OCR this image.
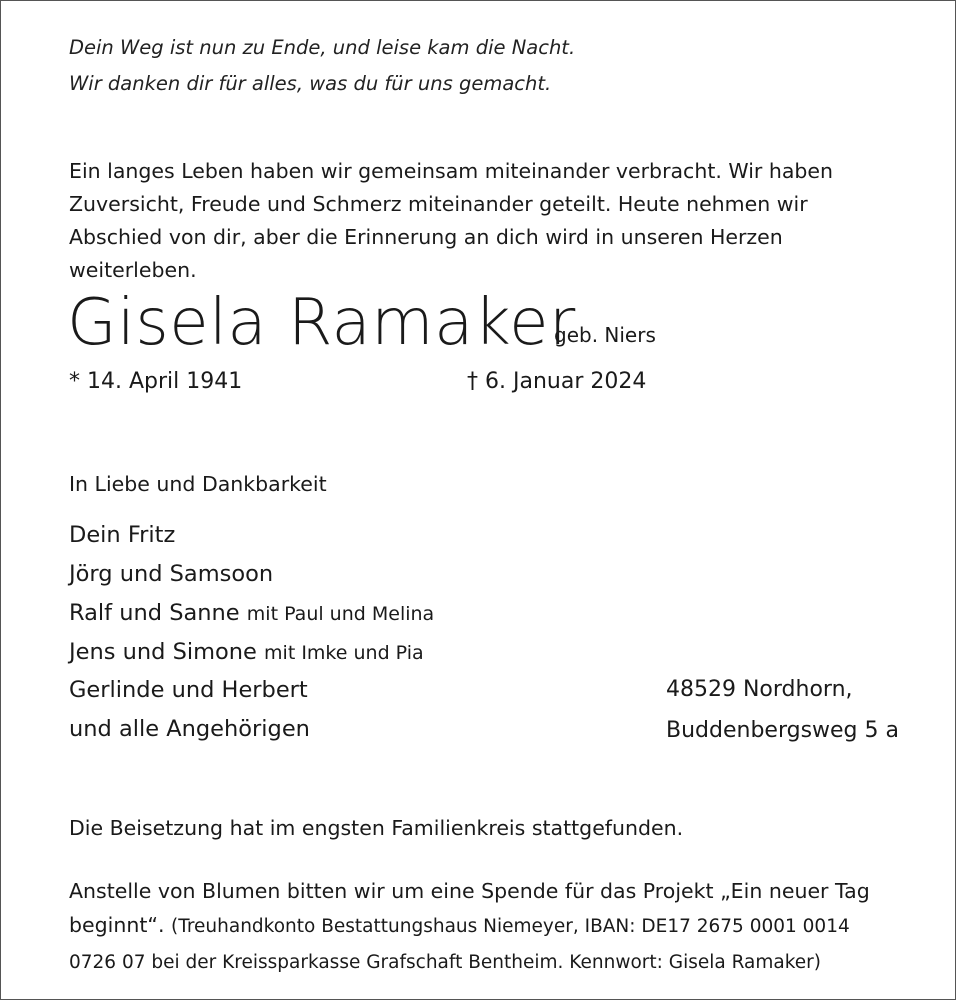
Dein Weg ist nun zu Ende, und leise kam die Nacht.
Wir danken dir für alles, was du für uns gemacht.
Ein langes Leben haben wir gemeinsam miteinander verbracht. Wir haben Zuversicht, Freude und Schmerz miteinander geteilt. Heute nehmen wir Abschied von dir, aber die Erinnerung an dich wird in unseren Herzen weiterleben.
Gisela Ramaker
geb. Niers
* 14. April 1941	† 6. Januar 2024
In Liebe und Dankbarkeit
Dein Fritz
Jörg und Samsoon
Ralf und Sanne mit Paul und Melina
Jens und Simone mit Imke und Pia
Gerlinde und Herbert
und alle Angehörigen
48529 Nordhorn,
Buddenbergsweg 5 a
Die Beisetzung hat im engsten Familienkreis stattgefunden.
Anstelle von Blumen bitten wir um eine Spende für das Projekt „Ein neuer Tag beginnt“. (Treuhandkonto Bestattungshaus Niemeyer, IBAN: DE17 2675 0001 0014 0726 07 bei der Kreissparkasse Grafschaft Bentheim. Kennwort: Gisela Ramaker)
